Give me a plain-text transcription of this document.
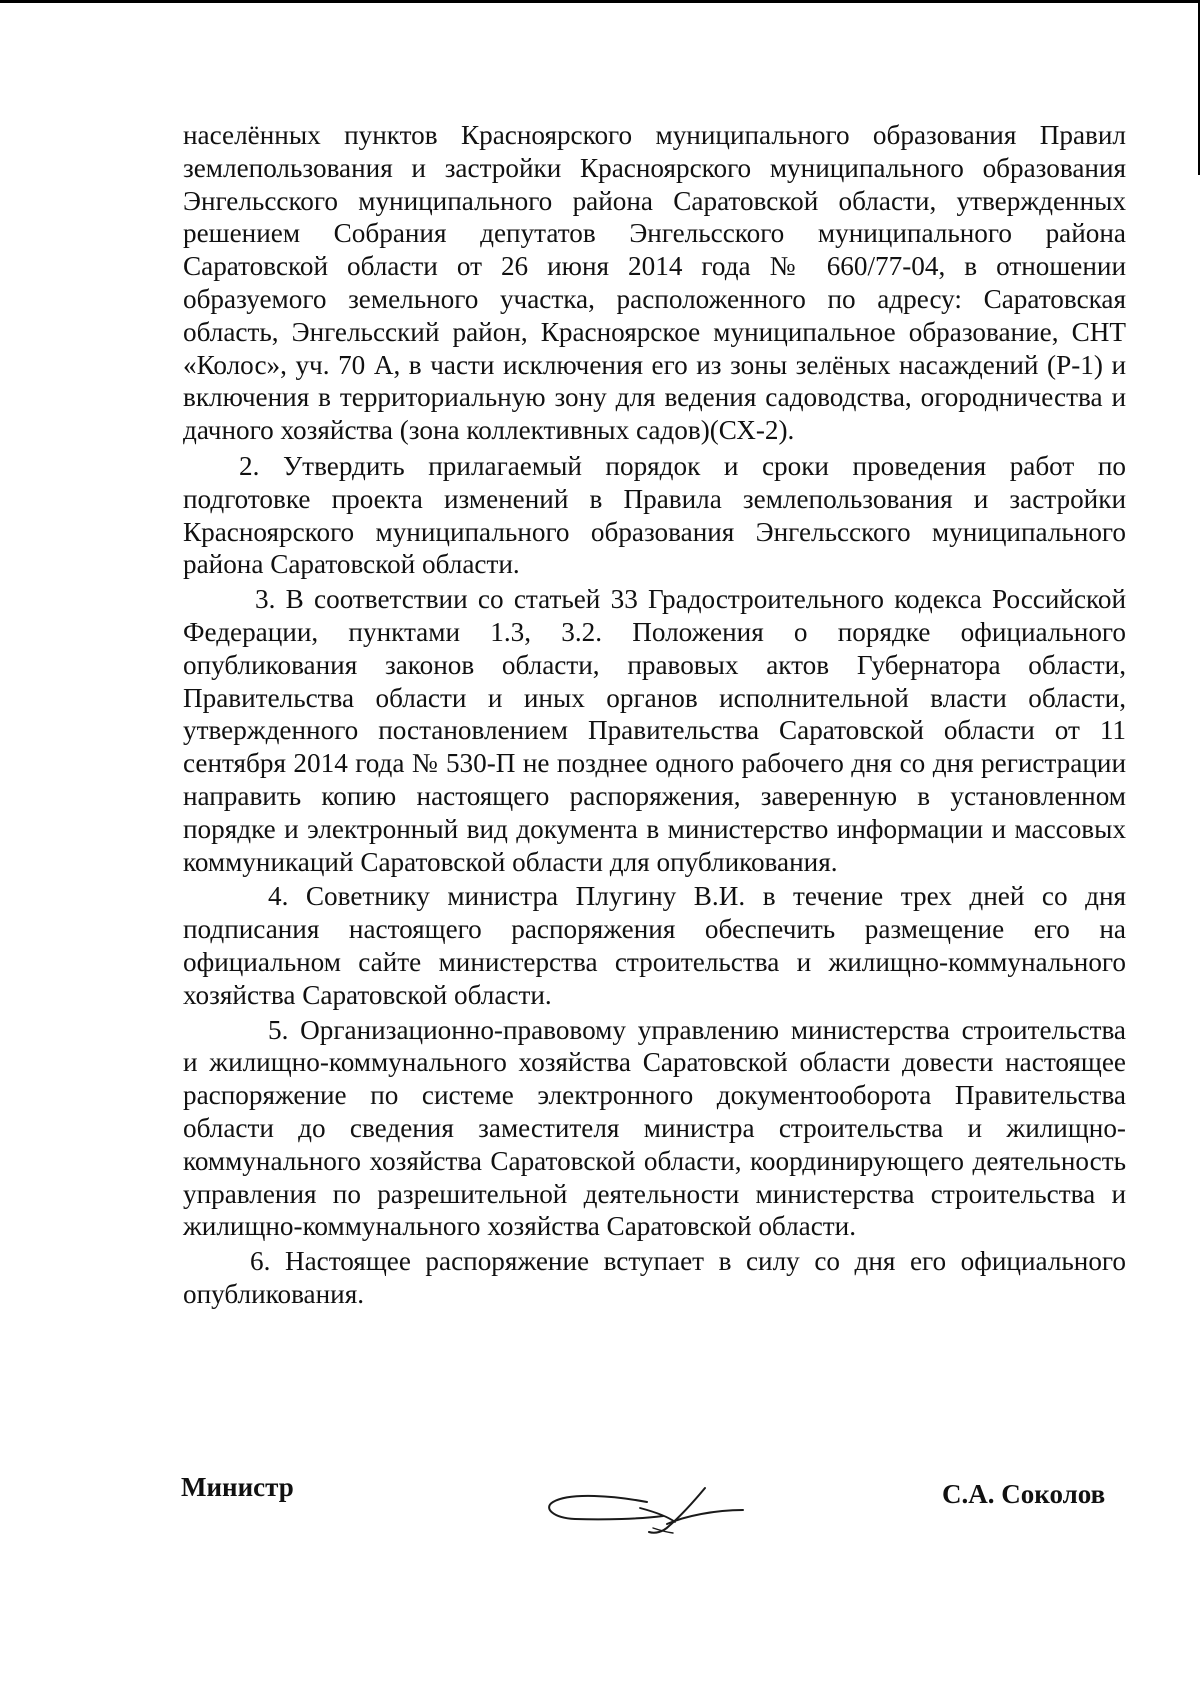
населённых пунктов Красноярского муниципального образования Правил землепользования и застройки Красноярского муниципального образования Энгельсского муниципального района Саратовской области, утвержденных решением Собрания депутатов Энгельсского муниципального района Саратовской области от 26 июня 2014 года № 660/77-04, в отношении образуемого земельного участка, расположенного по адресу: Саратовская область, Энгельсский район, Красноярское муниципальное образование, СНТ «Колос», уч. 70 А, в части исключения его из зоны зелёных насаждений (Р-1) и включения в территориальную зону для ведения садоводства, огородничества и дачного хозяйства (зона коллективных садов)(СХ-2).

2. Утвердить прилагаемый порядок и сроки проведения работ по подготовке проекта изменений в Правила землепользования и застройки Красноярского муниципального образования Энгельсского муниципального района Саратовской области.

3. В соответствии со статьей 33 Градостроительного кодекса Российской Федерации, пунктами 1.3, 3.2. Положения о порядке официального опубликования законов области, правовых актов Губернатора области, Правительства области и иных органов исполнительной власти области, утвержденного постановлением Правительства Саратовской области от 11 сентября 2014 года № 530-П не позднее одного рабочего дня со дня регистрации направить копию настоящего распоряжения, заверенную в установленном порядке и электронный вид документа в министерство информации и массовых коммуникаций Саратовской области для опубликования.

4. Советнику министра Плугину В.И. в течение трех дней со дня подписания настоящего распоряжения обеспечить размещение его на официальном сайте министерства строительства и жилищно-коммунального хозяйства Саратовской области.

5. Организационно-правовому управлению министерства строительства и жилищно-коммунального хозяйства Саратовской области довести настоящее распоряжение по системе электронного документооборота Правительства области до сведения заместителя министра строительства и жилищно-коммунального хозяйства Саратовской области, координирующего деятельность управления по разрешительной деятельности министерства строительства и жилищно-коммунального хозяйства Саратовской области.

6. Настоящее распоряжение вступает в силу со дня его официального опубликования.

Министр	С.А. Соколов
